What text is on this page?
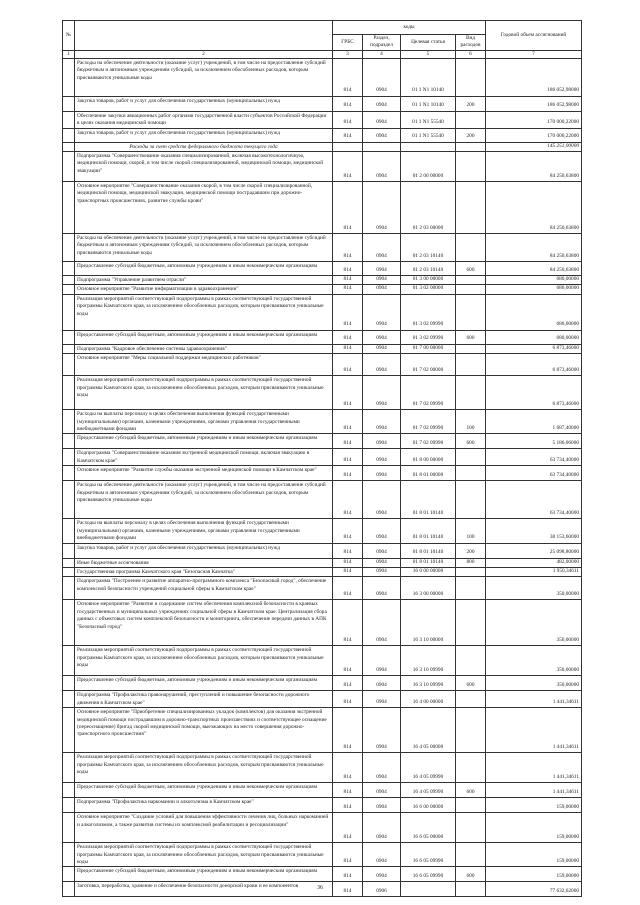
№		коды				Годовой объем ассигнований
		ГРБС	Раздел, подраздел	Целевая статья	Вид расходов	
1	2	3	4	5	6	7
	Расходы на обеспечение деятельности (оказание услуг) учреждений, в том числе на предоставление субсидий бюджетным и автономным учреждениям субсидий, за исключением обособленных расходов, которым присваиваются уникальные коды	814	0904	01 1 N1 10140		186 052,98000
	Закупка товаров, работ и услуг для обеспечения государственных (муниципальных) нужд	814	0904	01 1 N1 10140	200	186 052,98000
	Обеспечение закупки авиационных работ органами государственной власти субъектов Российской Федерации в целях оказания медицинской помощи	814	0904	01 1 N1 55540		170 000,22000
	Закупка товаров, работ и услуг для обеспечения государственных (муниципальных) нужд	814	0904	01 1 N1 55540	200	170 000,22000
	Расходы за счет средств федерального бюджета текущего года					145 251,00000
	Подпрограмма "Совершенствование оказания специализированной, включая высокотехнологичную, медицинской помощи, скорой, в том числе скорой специализированной, медицинской помощи, медицинской эвакуации"	814	0904	01 2 00 00000		84 250,63800
	Основное мероприятие "Совершенствование оказания скорой, в том числе скорой специализированной, медицинской помощи, медицинской эвакуации, медицинской помощи пострадавшим при дорожно-транспортных происшествиях, развитие службы крови"	814	0904	01 2 03 00000		84 250,63800
	Расходы на обеспечение деятельности (оказание услуг) учреждений, в том числе на предоставление субсидий бюджетным и автономным учреждениям субсидий, за исключением обособленных расходов, которым присваиваются уникальные коды	814	0904	01 2 03 10140		84 250,63800
	Предоставление субсидий бюджетным, автономным учреждениям и иным некоммерческим организациям	814	0904	01 2 03 10140	600	84 250,63800
	Подпрограмма "Управление развитием отрасли"	814	0904	01 3 00 00000		680,00000
	Основное мероприятие "Развитие информатизации в здравоохранении"	814	0904	01 3 02 00000		680,00000
	Реализация мероприятий соответствующей подпрограммы в рамках соответствующей государственной программы Камчатского края, за исключением обособленных расходов, которым присваиваются уникальные коды	814	0904	01 3 02 09990		680,00000
	Предоставление субсидий бюджетным, автономным учреждениям и иным некоммерческим организациям	814	0904	01 3 02 09990	600	680,00000
	Подпрограмма "Кадровое обеспечение системы здравоохранения"	814	0904	01 7 00 00000		6 873,46000
	Основное мероприятие "Меры социальной поддержки медицинских работников"	814	0904	01 7 02 00000		6 873,46000
	Реализация мероприятий соответствующей подпрограммы в рамках соответствующей государственной программы Камчатского края, за исключением обособленных расходов, которым присваиваются уникальные коды	814	0904	01 7 02 09990		6 873,46000
	Расходы на выплаты персоналу в целях обеспечения выполнения функций государственными (муниципальными) органами, казенными учреждениями, органами управления государственными внебюджетными фондами	814	0904	01 7 02 09990	100	1 687,40000
	Предоставление субсидий бюджетным, автономным учреждениям и иным некоммерческим организациям	814	0904	01 7 02 09990	600	5 186,06000
	Подпрограмма "Совершенствование оказания экстренной медицинской помощи, включая эвакуацию в Камчатском крае"	814	0904	01 8 00 00000		63 734,40000
	Основное мероприятие "Развитие службы оказания экстренной медицинской помощи в Камчатском крае"	814	0904	01 8 01 00000		63 734,40000
	Расходы на обеспечение деятельности (оказание услуг) учреждений, в том числе на предоставление субсидий бюджетным и автономным учреждениям субсидий, за исключением обособленных расходов, которым присваиваются уникальные коды	814	0904	01 8 01 10140		63 734,40000
	Расходы на выплаты персоналу в целях обеспечения выполнения функций государственными (муниципальными) органами, казенными учреждениями, органами управления государственными внебюджетными фондами	814	0904	01 8 01 10140	100	38 153,60000
	Закупка товаров, работ и услуг для обеспечения государственных (муниципальных) нужд	814	0904	01 8 01 10140	200	25 098,80000
	Иные бюджетные ассигнования	814	0904	01 8 01 10140	800	482,00000
	Государственная программа Камчатского края "Безопасная Камчатка"	814	0904	16 0 00 00000		1 950,34611
	Подпрограмма "Построение и развитие аппаратно-программного комплекса "Безопасный город", обеспечение комплексной безопасности учреждений социальной сферы в Камчатском крае"	814	0904	16 3 00 00000		350,00000
	Основное мероприятие "Развитие и содержание систем обеспечения комплексной безопасности в краевых государственных и муниципальных учреждениях социальной сферы в Камчатском крае. Централизация сбора данных с объектовых систем комплексной безопасности и мониторинга, обеспечение передачи данных в АПК "Безопасный город"	814	0904	16 3 10 00000		350,00000
	Реализация мероприятий соответствующей подпрограммы в рамках соответствующей государственной программы Камчатского края, за исключением обособленных расходов, которым присваиваются уникальные коды	814	0904	16 3 10 09990		350,00000
	Предоставление субсидий бюджетным, автономным учреждениям и иным некоммерческим организациям	814	0904	16 3 10 09990	600	350,00000
	Подпрограмма "Профилактика правонарушений, преступлений и повышение безопасности дорожного движения в Камчатском крае"	814	0904	16 4 00 00000		1 441,34611
	Основное мероприятие "Приобретение специализированных укладок (комплектов) для оказания экстренной медицинской помощи пострадавшим в дорожно-транспортных происшествиях и соответствующее оснащение (переоснащение) бригад скорой медицинской помощи, выезжающих на место совершения дорожно-транспортного происшествия"	814	0904	16 4 05 00000		1 441,34611
	Реализация мероприятий соответствующей подпрограммы в рамках соответствующей государственной программы Камчатского края, за исключением обособленных расходов, которым присваиваются уникальные коды	814	0904	16 4 05 09990		1 441,34611
	Предоставление субсидий бюджетным, автономным учреждениям и иным некоммерческим организациям	814	0904	16 4 05 09990	600	1 441,34611
	Подпрограмма "Профилактика наркомании и алкоголизма в Камчатском крае"	814	0904	16 6 00 00000		159,00000
	Основное мероприятие "Создание условий для повышения эффективности лечения лиц, больных наркоманией и алкоголизмом, а также развития системы их комплексной реабилитации и ресоциализации"	814	0904	16 6 05 00000		159,00000
	Реализация мероприятий соответствующей подпрограммы в рамках соответствующей государственной программы Камчатского края, за исключением обособленных расходов, которым присваиваются уникальные коды	814	0904	16 6 05 09990		159,00000
	Предоставление субсидий бюджетным, автономным учреждениям и иным некоммерческим организациям	814	0904	16 6 05 09990	600	159,00000
	Заготовка, переработка, хранение и обеспечение безопасности донорской крови и ее компонентов	814	0906			77 632,62000
36
